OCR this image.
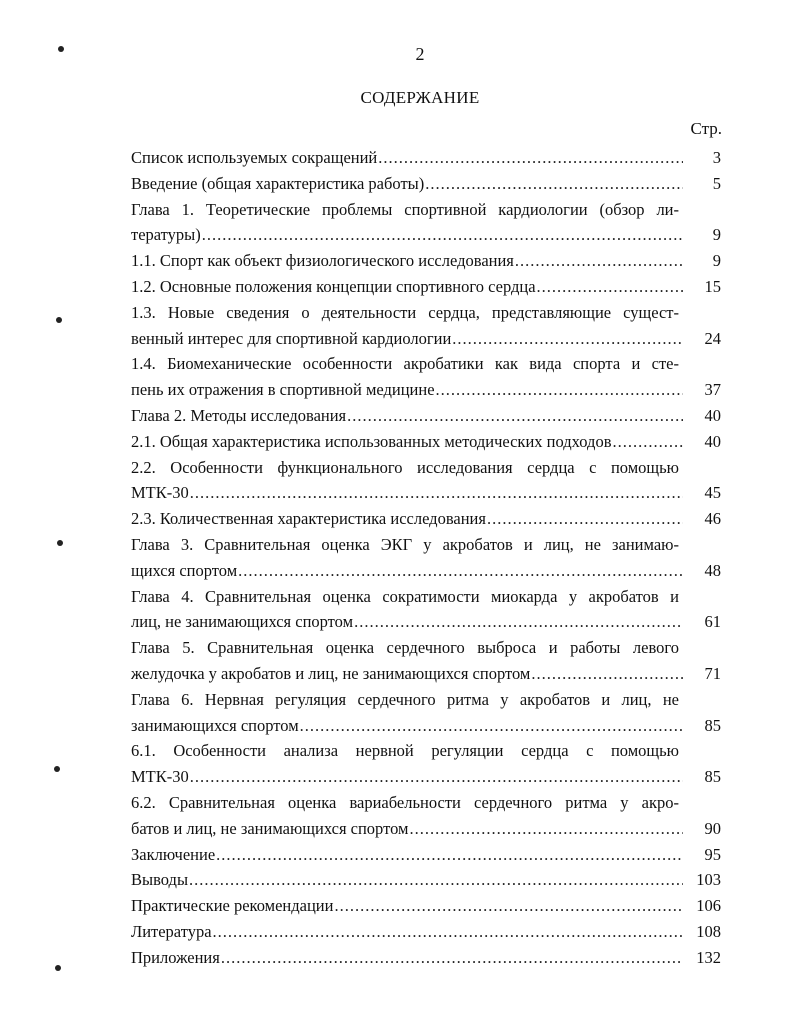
2
СОДЕРЖАНИЕ
Стр.
Список используемых сокращений .....	3
Введение (общая характеристика работы) .....	5
Глава 1. Теоретические проблемы спортивной кардиологии (обзор ли-
тературы) .....	9
1.1. Спорт как объект физиологического исследования .....	9
1.2. Основные положения концепции спортивного сердца .....	15
1.3. Новые сведения о деятельности сердца, представляющие сущест-
венный интерес для спортивной кардиологии .....	24
1.4. Биомеханические особенности акробатики как вида спорта и сте-
пень их отражения в спортивной медицине .....	37
Глава 2. Методы исследования .....	40
2.1. Общая характеристика использованных методических подходов .....	40
2.2. Особенности функционального исследования сердца с помощью
МТК-30 .....	45
2.3. Количественная характеристика исследования .....	46
Глава 3. Сравнительная оценка ЭКГ у акробатов и лиц, не занимаю-
щихся спортом .....	48
Глава 4. Сравнительная оценка сократимости миокарда у акробатов и
лиц, не занимающихся спортом .....	61
Глава 5. Сравнительная оценка сердечного выброса и работы левого
желудочка у акробатов и лиц, не занимающихся спортом .....	71
Глава 6. Нервная регуляция сердечного ритма у акробатов и лиц, не
занимающихся спортом .....	85
6.1. Особенности анализа нервной регуляции сердца с помощью
МТК-30 .....	85
6.2. Сравнительная оценка вариабельности сердечного ритма у акро-
батов и лиц, не занимающихся спортом .....	90
Заключение .....	95
Выводы .....	103
Практические рекомендации .....	106
Литература .....	108
Приложения .....	132
